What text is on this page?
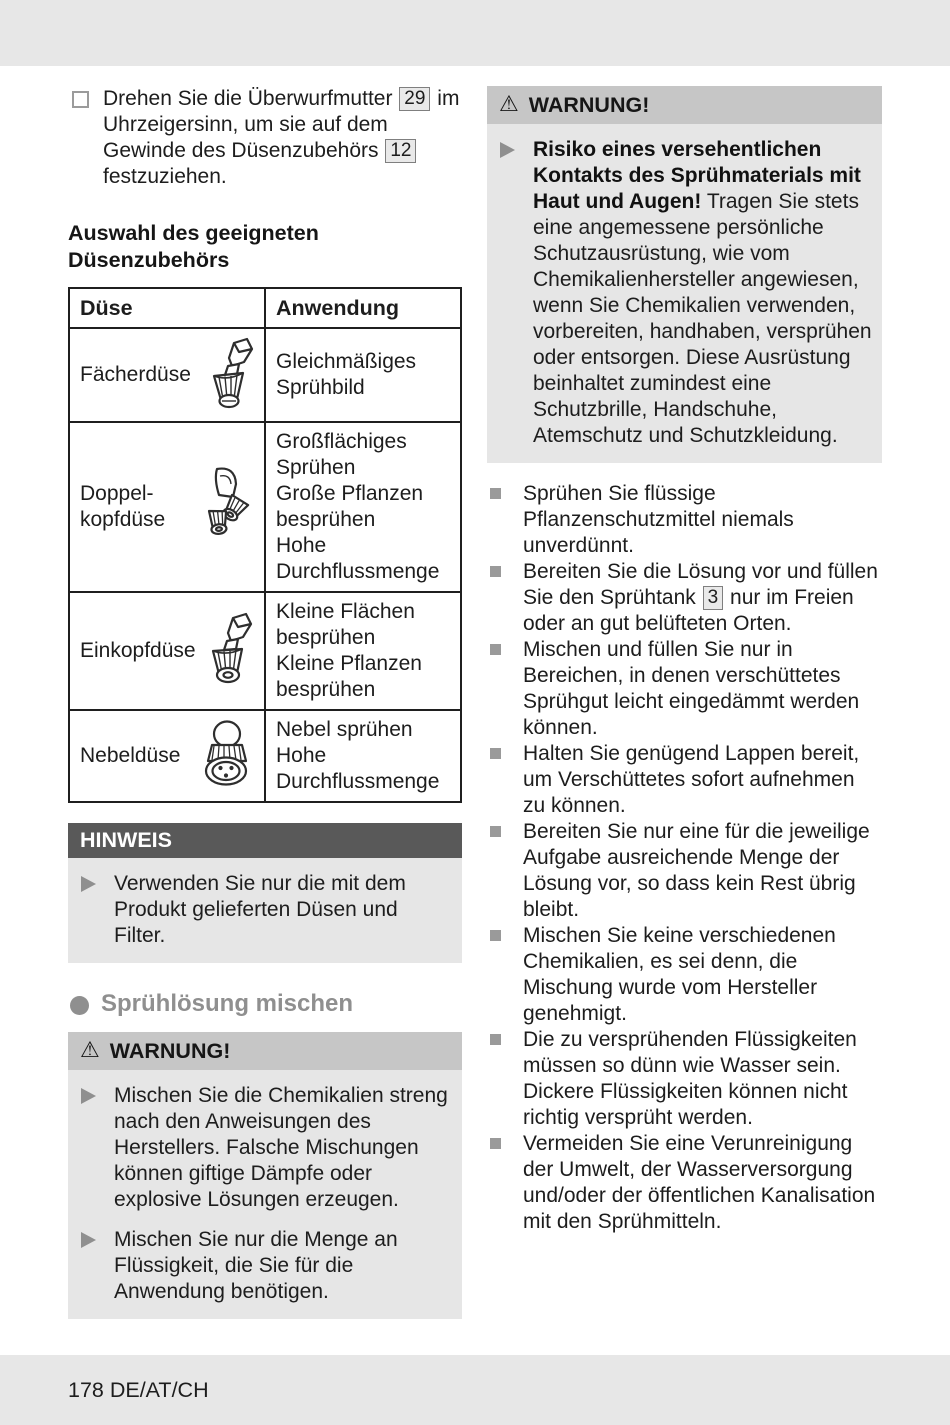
Drehen Sie die Überwurfmutter 29 im Uhrzeigersinn, um sie auf dem Gewinde des Düsenzubehörs 12 festzuziehen.
Auswahl des geeigneten Düsenzubehörs
Düse	Anwendung

Fächerdüse	Gleichmäßiges Sprühbild

Doppel-kopfdüse	Großflächiges Sprühen
Große Pflanzen besprühen
Hohe Durchflussmenge

Einkopfdüse	Kleine Flächen besprühen
Kleine Pflanzen besprühen

Nebeldüse	Nebel sprühen
Hohe Durchflussmenge
HINWEIS
Verwenden Sie nur die mit dem Produkt gelieferten Düsen und Filter.
Sprühlösung mischen
⚠︎ WARNUNG!
Mischen Sie die Chemikalien streng nach den Anweisungen des Herstellers. Falsche Mischungen können giftige Dämpfe oder explosive Lösungen erzeugen.
Mischen Sie nur die Menge an Flüssigkeit, die Sie für die Anwendung benötigen.
⚠︎ WARNUNG!
Risiko eines versehentlichen Kontakts des Sprühmaterials mit Haut und Augen! Tragen Sie stets eine angemessene persönliche Schutzausrüstung, wie vom Chemikalienhersteller angewiesen, wenn Sie Chemikalien verwenden, vorbereiten, handhaben, versprühen oder entsorgen. Diese Ausrüstung beinhaltet zumindest eine Schutzbrille, Handschuhe, Atemschutz und Schutzkleidung.
Sprühen Sie flüssige Pflanzenschutzmittel niemals unverdünnt.
Bereiten Sie die Lösung vor und füllen Sie den Sprühtank 3 nur im Freien oder an gut belüfteten Orten.
Mischen und füllen Sie nur in Bereichen, in denen verschüttetes Sprühgut leicht eingedämmt werden können.
Halten Sie genügend Lappen bereit, um Verschüttetes sofort aufnehmen zu können.
Bereiten Sie nur eine für die jeweilige Aufgabe ausreichende Menge der Lösung vor, so dass kein Rest übrig bleibt.
Mischen Sie keine verschiedenen Chemikalien, es sei denn, die Mischung wurde vom Hersteller genehmigt.
Die zu versprühenden Flüssigkeiten müssen so dünn wie Wasser sein. Dickere Flüssigkeiten können nicht richtig versprüht werden.
Vermeiden Sie eine Verunreinigung der Umwelt, der Wasserversorgung und/oder der öffentlichen Kanalisation mit den Sprühmitteln.
178 DE/AT/CH
